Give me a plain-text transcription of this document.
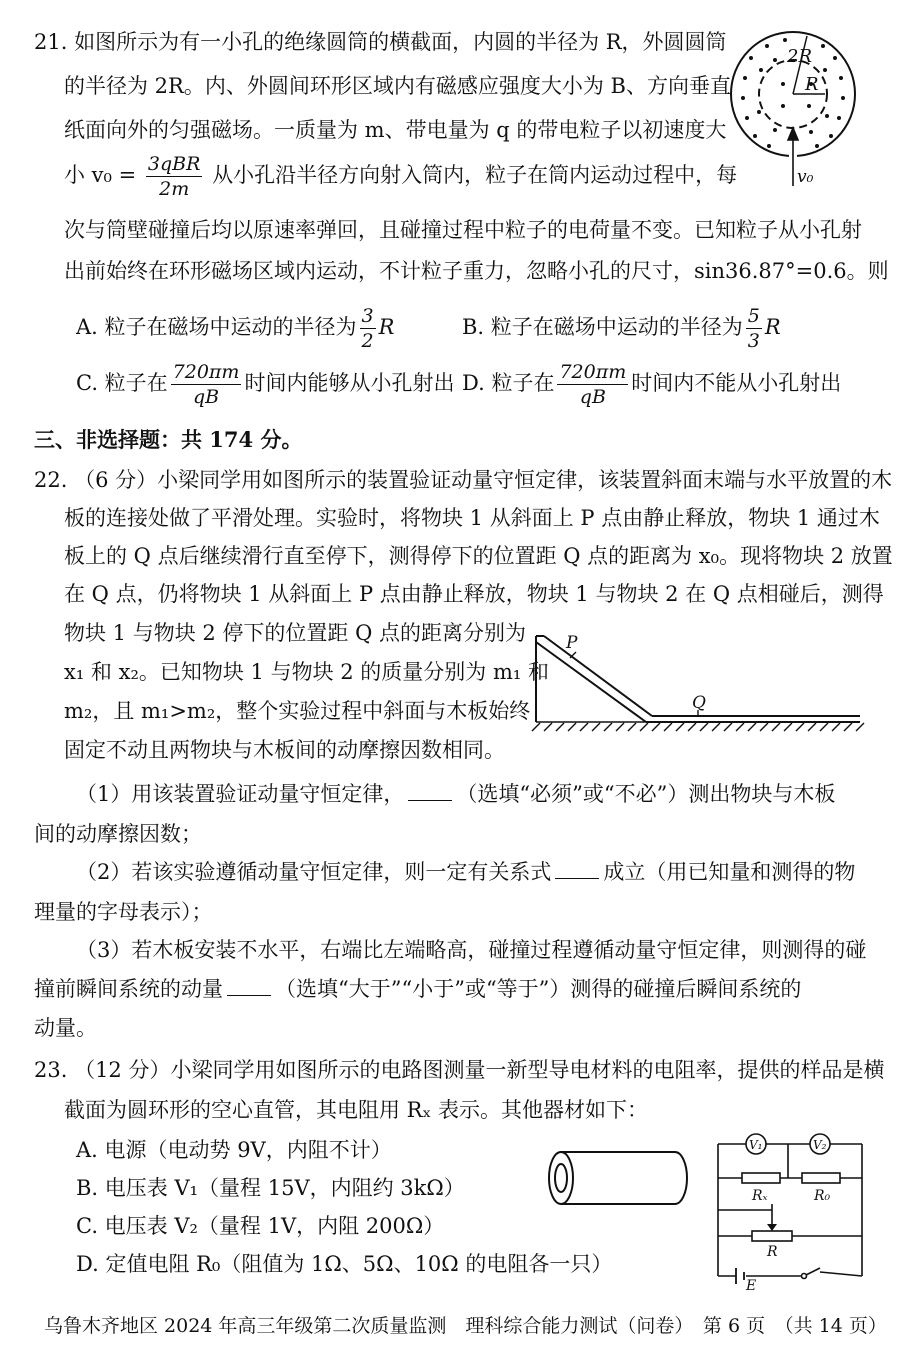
21. 如图所示为有一小孔的绝缘圆筒的横截面，内圆的半径为 R，外圆圆筒
的半径为 2R。内、外圆间环形区域内有磁感应强度大小为 B、方向垂直
纸面向外的匀强磁场。一质量为 m、带电量为 q 的带电粒子以初速度大
小 $v_0 = \frac{\text{3qBR}}{2m}$ 从小孔沿半径方向射入筒内，粒子在筒内运动过程中，每
次与筒壁碰撞后均以原速率弹回，且碰撞过程中粒子的电荷量不变。已知粒子从小孔射
出前始终在环形磁场区域内运动，不计粒子重力，忽略小孔的尺寸，sin36.87°=0.6。则
A. 粒子在磁场中运动的半径为 $\frac{3}{2}$ R	B. 粒子在磁场中运动的半径为 $\frac{5}{3}$ R
C. 粒子在 $\frac{720\pi m}{qB}$ 时间内能够从小孔射出 D. 粒子在 $\frac{720\pi m}{qB}$ 时间内不能从小孔射出
2R
R
v₀
三、非选择题：共 174 分。
22. （6 分）小梁同学用如图所示的装置验证动量守恒定律，该装置斜面末端与水平放置的木
板的连接处做了平滑处理。实验时，将物块 1 从斜面上 P 点由静止释放，物块 1 通过木
板上的 Q 点后继续滑行直至停下，测得停下的位置距 Q 点的距离为 x₀。现将物块 2 放置
在 Q 点，仍将物块 1 从斜面上 P 点由静止释放，物块 1 与物块 2 在 Q 点相碰后，测得
物块 1 与物块 2 停下的位置距 Q 点的距离分别为
x₁ 和 x₂。已知物块 1 与物块 2 的质量分别为 m₁ 和
m₂，且 m₁>m₂，整个实验过程中斜面与木板始终
固定不动且两物块与木板间的动摩擦因数相同。
P
Q
（1）用该装置验证动量守恒定律， （选填“必须”或“不必”）测出物块与木板
间的动摩擦因数；
（2）若该实验遵循动量守恒定律，则一定有关系式 成立（用已知量和测得的物
理量的字母表示）；
（3）若木板安装不水平，右端比左端略高，碰撞过程遵循动量守恒定律，则测得的碰
撞前瞬间系统的动量 （选填“大于”“小于”或“等于”）测得的碰撞后瞬间系统的
动量。
23. （12 分）小梁同学用如图所示的电路图测量一新型导电材料的电阻率，提供的样品是横
截面为圆环形的空心直管，其电阻用 Rₓ 表示。其他器材如下：
A. 电源（电动势 9V，内阻不计）
B. 电压表 V₁（量程 15V，内阻约 3kΩ）
C. 电压表 V₂（量程 1V，内阻 200Ω）
D. 定值电阻 R₀（阻值为 1Ω、5Ω、10Ω 的电阻各一只）
V₁	V₂
Rₓ	R₀
R
E
乌鲁木齐地区 2024 年高三年级第二次质量监测　理科综合能力测试（问卷）　第 6 页　（共 14 页）
